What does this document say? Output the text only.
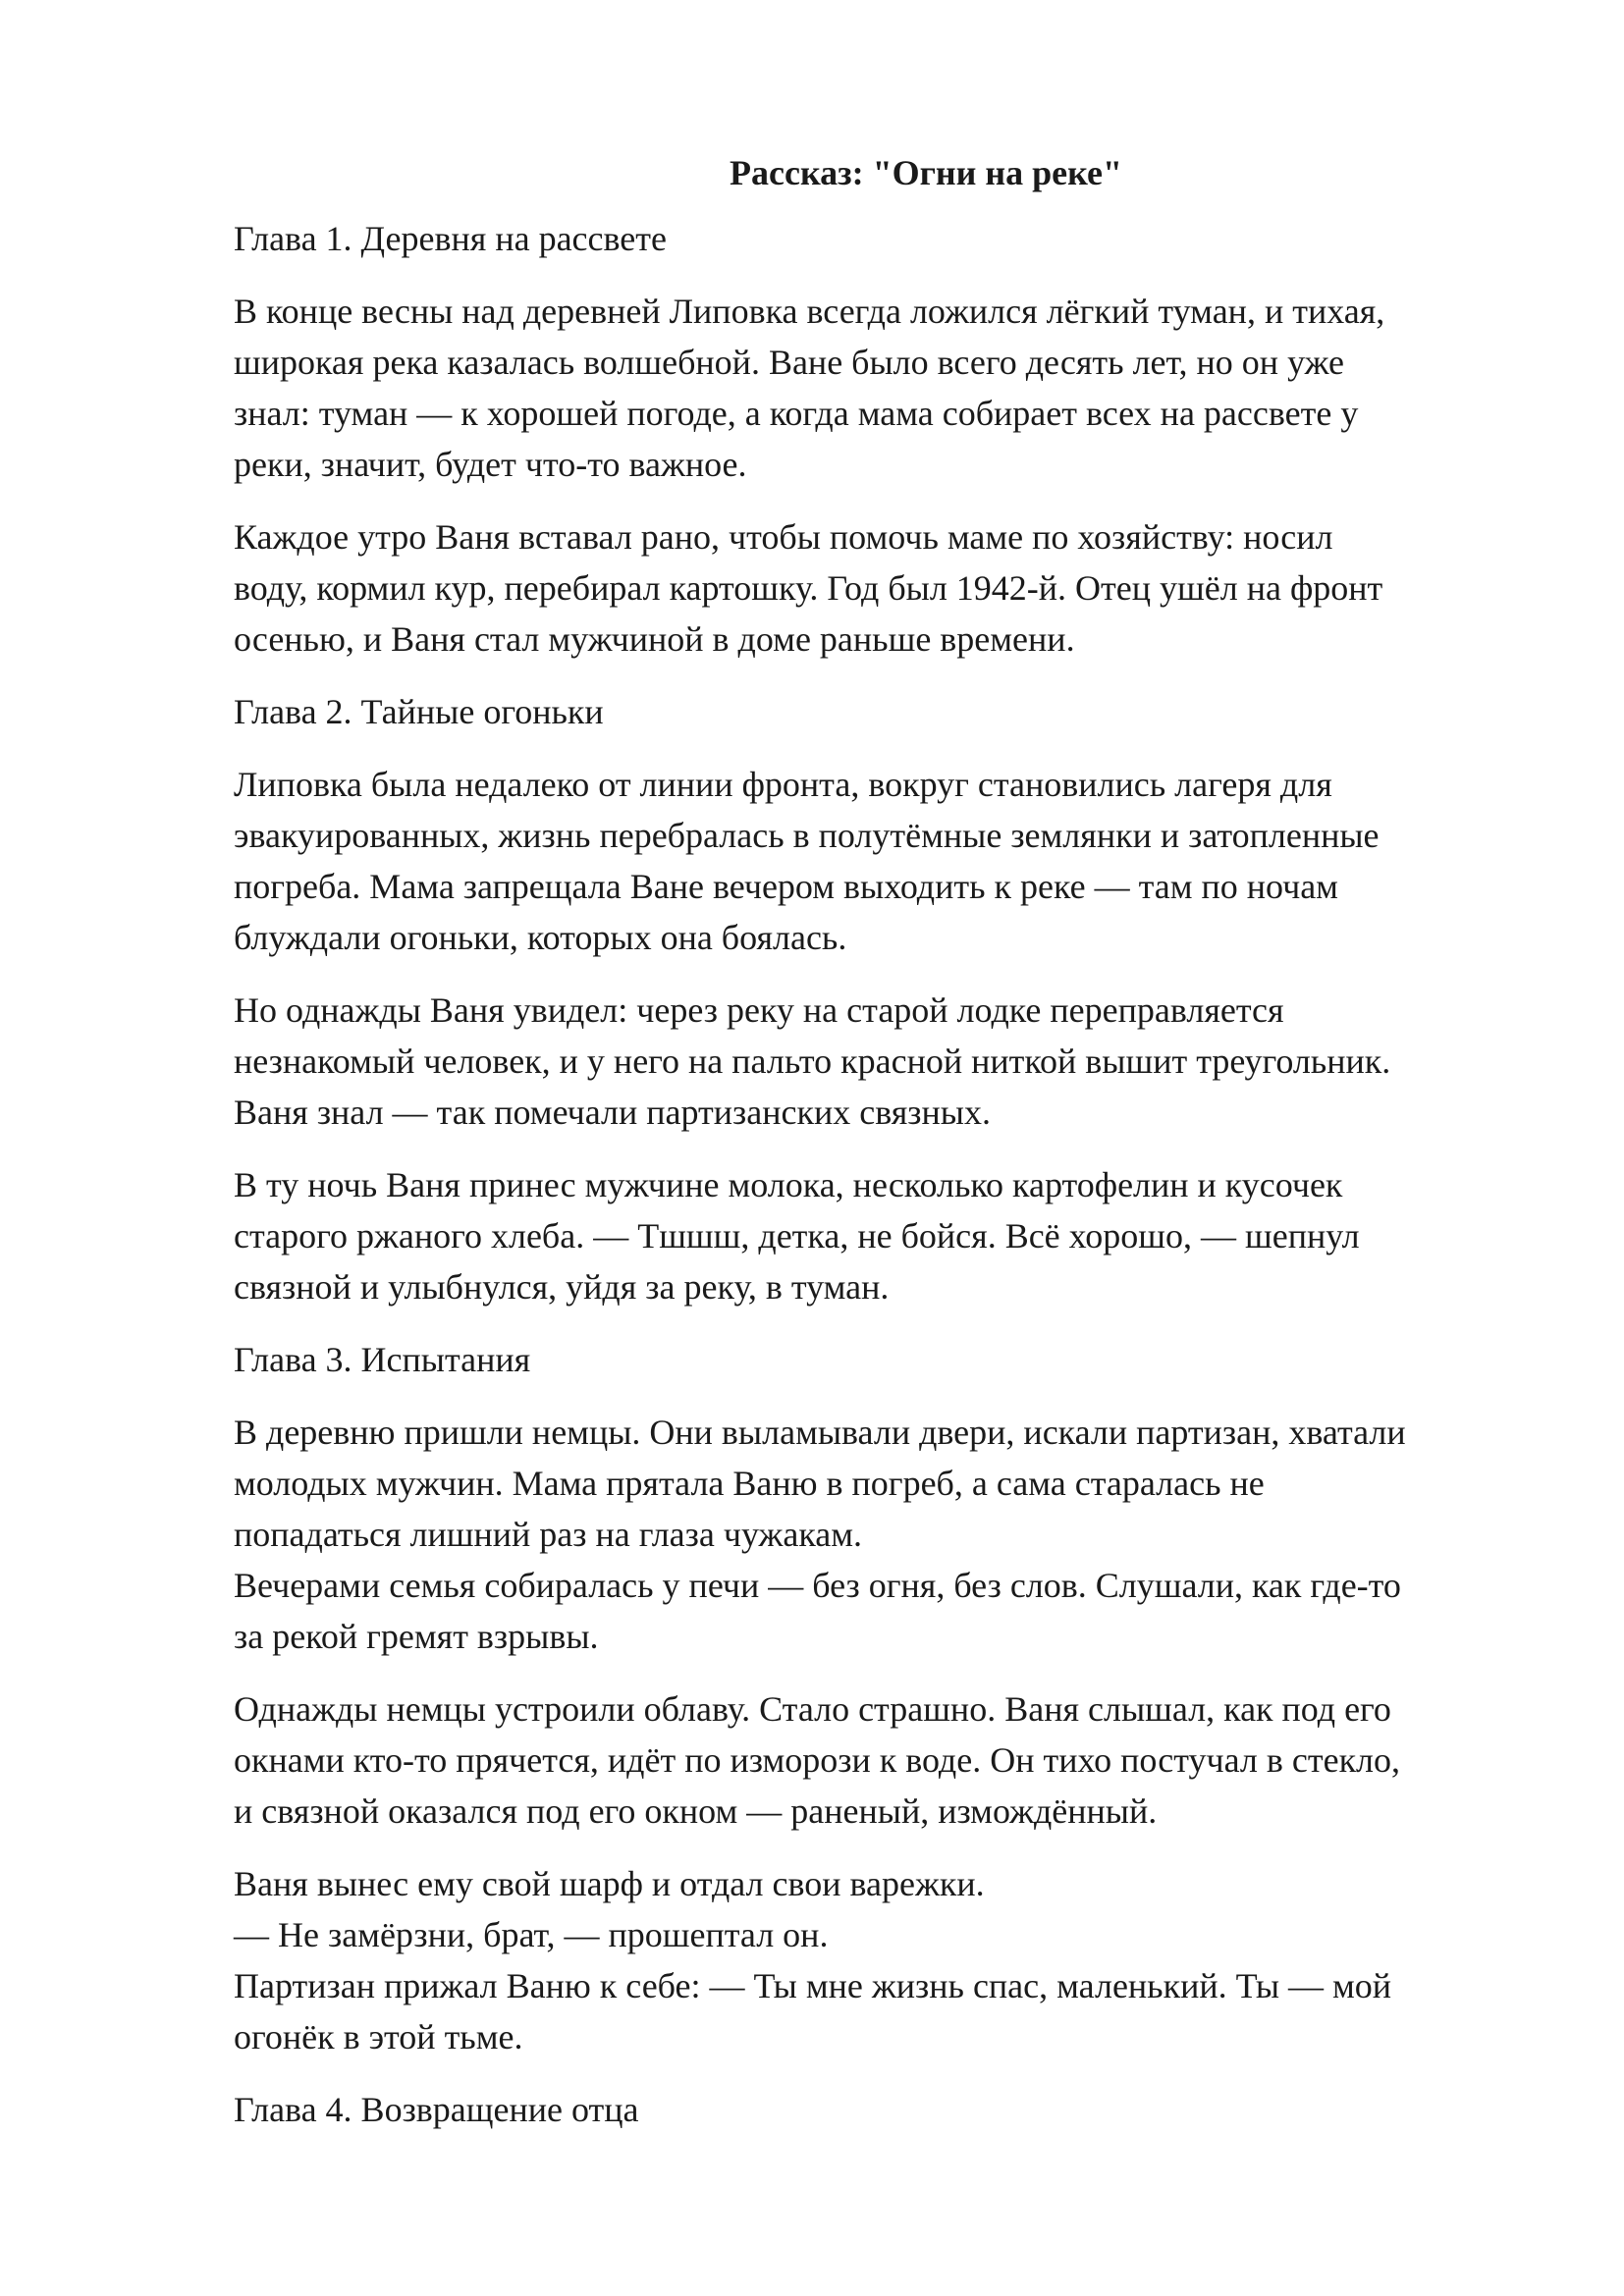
Рассказ: "Огни на реке"
Глава 1. Деревня на рассвете
В конце весны над деревней Липовка всегда ложился лёгкий туман, и тихая,
широкая река казалась волшебной. Ване было всего десять лет, но он уже
знал: туман — к хорошей погоде, а когда мама собирает всех на рассвете у
реки, значит, будет что-то важное.
Каждое утро Ваня вставал рано, чтобы помочь маме по хозяйству: носил
воду, кормил кур, перебирал картошку. Год был 1942-й. Отец ушёл на фронт
осенью, и Ваня стал мужчиной в доме раньше времени.
Глава 2. Тайные огоньки
Липовка была недалеко от линии фронта, вокруг становились лагеря для
эвакуированных, жизнь перебралась в полутёмные землянки и затопленные
погреба. Мама запрещала Ване вечером выходить к реке — там по ночам
блуждали огоньки, которых она боялась.
Но однажды Ваня увидел: через реку на старой лодке переправляется
незнакомый человек, и у него на пальто красной ниткой вышит треугольник.
Ваня знал — так помечали партизанских связных.
В ту ночь Ваня принес мужчине молока, несколько картофелин и кусочек
старого ржаного хлеба. — Тшшш, детка, не бойся. Всё хорошо, — шепнул
связной и улыбнулся, уйдя за реку, в туман.
Глава 3. Испытания
В деревню пришли немцы. Они выламывали двери, искали партизан, хватали
молодых мужчин. Мама прятала Ваню в погреб, а сама старалась не
попадаться лишний раз на глаза чужакам.
Вечерами семья собиралась у печи — без огня, без слов. Слушали, как где-то
за рекой гремят взрывы.
Однажды немцы устроили облаву. Стало страшно. Ваня слышал, как под его
окнами кто-то прячется, идёт по изморози к воде. Он тихо постучал в стекло,
и связной оказался под его окном — раненый, измождённый.
Ваня вынес ему свой шарф и отдал свои варежки.
— Не замёрзни, брат, — прошептал он.
Партизан прижал Ваню к себе: — Ты мне жизнь спас, маленький. Ты — мой
огонёк в этой тьме.
Глава 4. Возвращение отца
